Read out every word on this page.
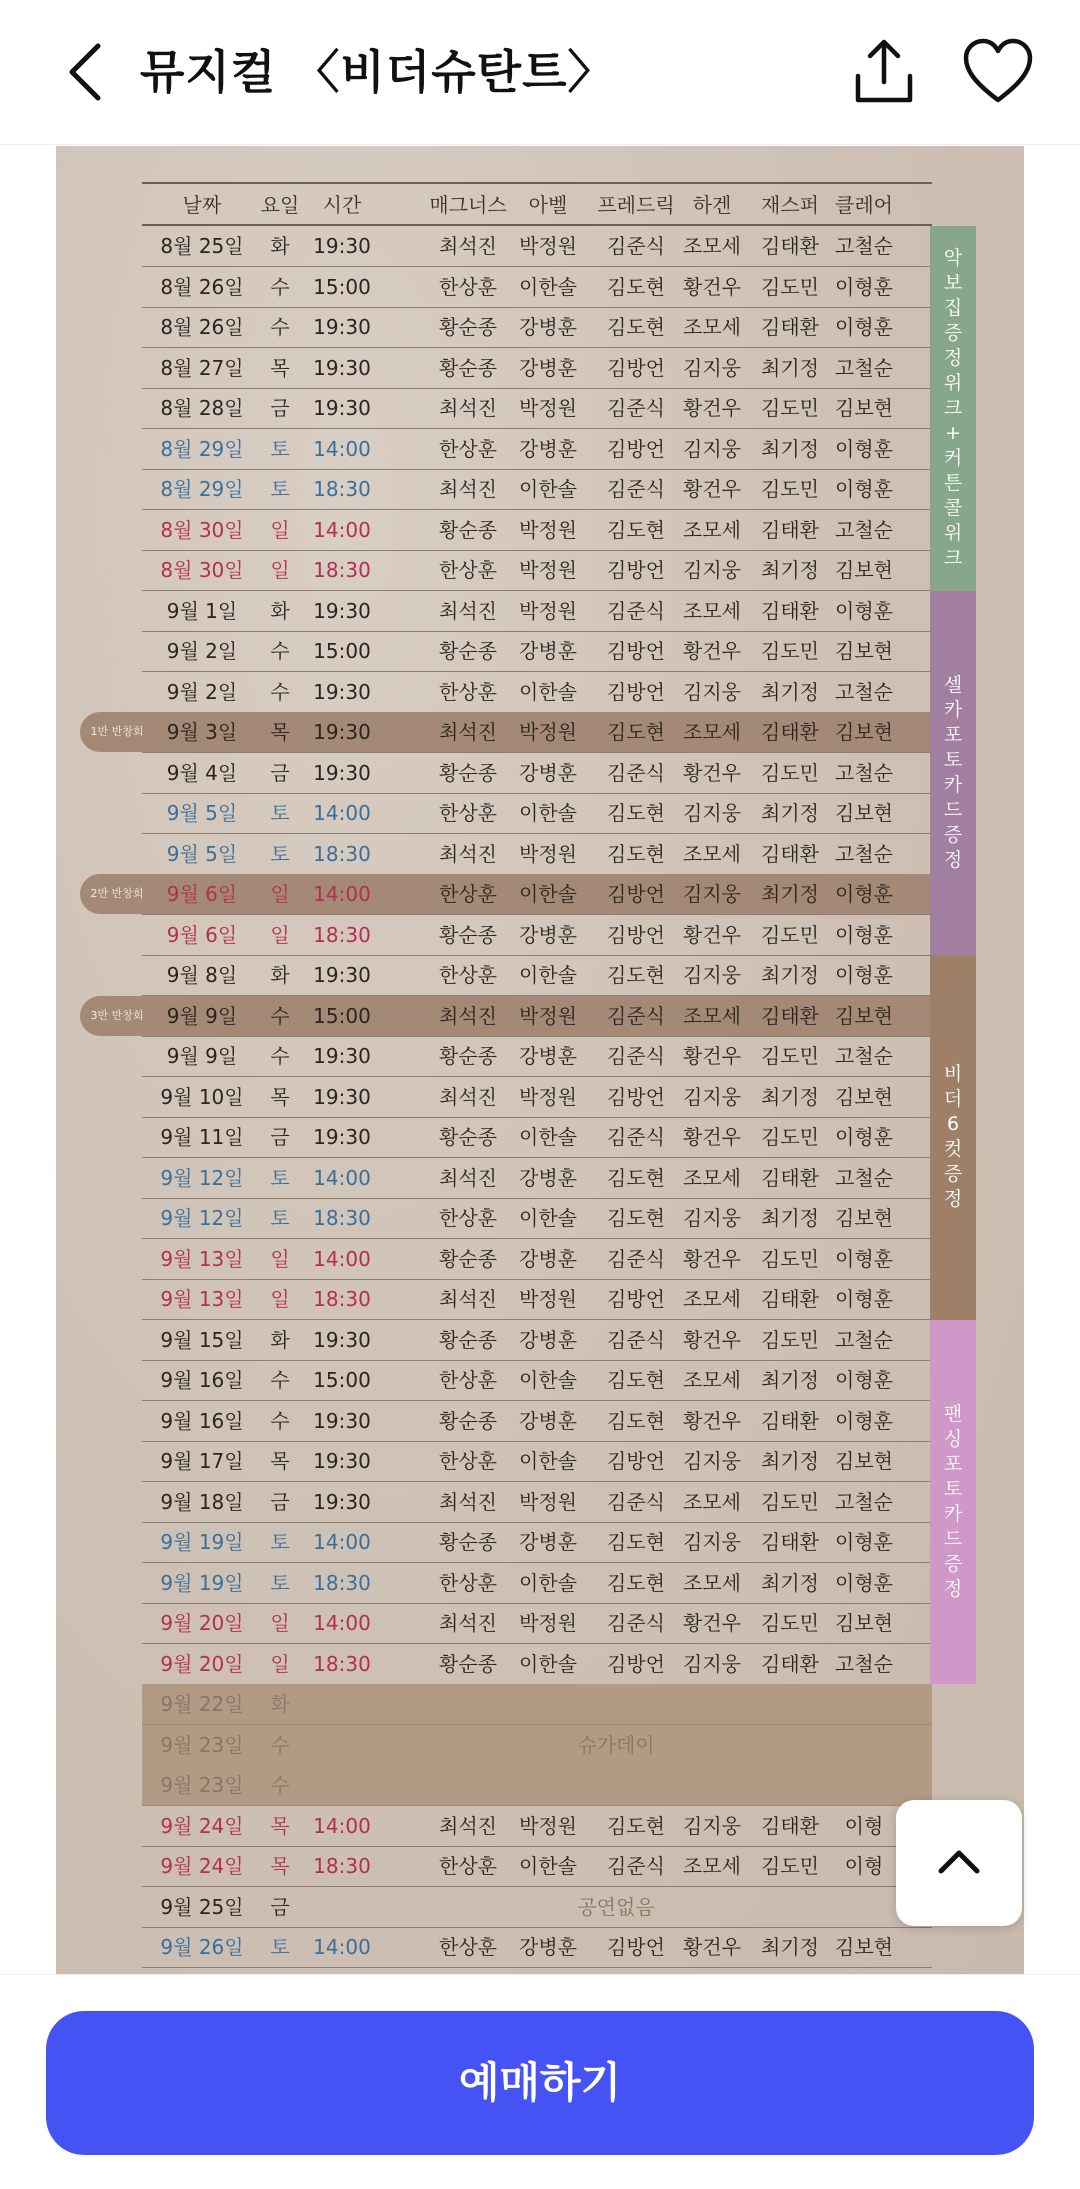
뮤지컬 〈비더슈탄트〉
날짜 요일 시간	매그너스 아벨 프레드릭 하겐 재스퍼 클레어
8월 25일 화 19:30	최석진 박정원 김준식 조모세 김태환 고철순
8월 26일 수 15:00	한상훈 이한솔 김도현 황건우 김도민 이형훈
8월 26일 수 19:30	황순종 강병훈 김도현 조모세 김태환 이형훈
8월 27일 목 19:30	황순종 강병훈 김방언 김지웅 최기정 고철순
8월 28일 금 19:30	최석진 박정원 김준식 황건우 김도민 김보현
8월 29일 토 14:00	한상훈 강병훈 김방언 김지웅 최기정 이형훈
8월 29일 토 18:30	최석진 이한솔 김준식 황건우 김도민 이형훈
8월 30일 일 14:00	황순종 박정원 김도현 조모세 김태환 고철순
8월 30일 일 18:30	한상훈 박정원 김방언 김지웅 최기정 김보현
9월 1일 화 19:30	최석진 박정원 김준식 조모세 김태환 이형훈
9월 2일 수 15:00	황순종 강병훈 김방언 황건우 김도민 김보현
9월 2일 수 19:30	한상훈 이한솔 김방언 김지웅 최기정 고철순
9월 3일 목 19:30	최석진 박정원 김도현 조모세 김태환 김보현
1반 반창회
9월 4일 금 19:30	황순종 강병훈 김준식 황건우 김도민 고철순
9월 5일 토 14:00	한상훈 이한솔 김도현 김지웅 최기정 김보현
9월 5일 토 18:30	최석진 박정원 김도현 조모세 김태환 고철순
9월 6일 일 14:00	한상훈 이한솔 김방언 김지웅 최기정 이형훈
2반 반창회
9월 6일 일 18:30	황순종 강병훈 김방언 황건우 김도민 이형훈
9월 8일 화 19:30	한상훈 이한솔 김도현 김지웅 최기정 이형훈
9월 9일 수 15:00	최석진 박정원 김준식 조모세 김태환 김보현
3반 반창회
9월 9일 수 19:30	황순종 강병훈 김준식 황건우 김도민 고철순
9월 10일 목 19:30	최석진 박정원 김방언 김지웅 최기정 김보현
9월 11일 금 19:30	황순종 이한솔 김준식 황건우 김도민 이형훈
9월 12일 토 14:00	최석진 강병훈 김도현 조모세 김태환 고철순
9월 12일 토 18:30	한상훈 이한솔 김도현 김지웅 최기정 김보현
9월 13일 일 14:00	황순종 강병훈 김준식 황건우 김도민 이형훈
9월 13일 일 18:30	최석진 박정원 김방언 조모세 김태환 이형훈
9월 15일 화 19:30	황순종 강병훈 김준식 황건우 김도민 고철순
9월 16일 수 15:00	한상훈 이한솔 김도현 조모세 최기정 이형훈
9월 16일 수 19:30	황순종 강병훈 김도현 황건우 김태환 이형훈
9월 17일 목 19:30	한상훈 이한솔 김방언 김지웅 최기정 김보현
9월 18일 금 19:30	최석진 박정원 김준식 조모세 김도민 고철순
9월 19일 토 14:00	황순종 강병훈 김도현 김지웅 김태환 이형훈
9월 19일 토 18:30	한상훈 이한솔 김도현 조모세 최기정 이형훈
9월 20일 일 14:00	최석진 박정원 김준식 황건우 김도민 김보현
9월 20일 일 18:30	황순종 이한솔 김방언 김지웅 김태환 고철순
9월 22일 화
9월 23일 수	슈가데이
9월 23일 수
9월 24일 목 14:00	최석진 박정원 김도현 김지웅 김태환 이형
9월 24일 목 18:30	한상훈 이한솔 김준식 조모세 김도민 이형
9월 25일 금	공연없음
9월 26일 토 14:00	한상훈 강병훈 김방언 황건우 최기정 김보현
악보집 증정 위크 + 커튼콜 위크
셀카 포토카드 증정
비더 6컷 증정
팬싱 포토카드 증정
예매하기
